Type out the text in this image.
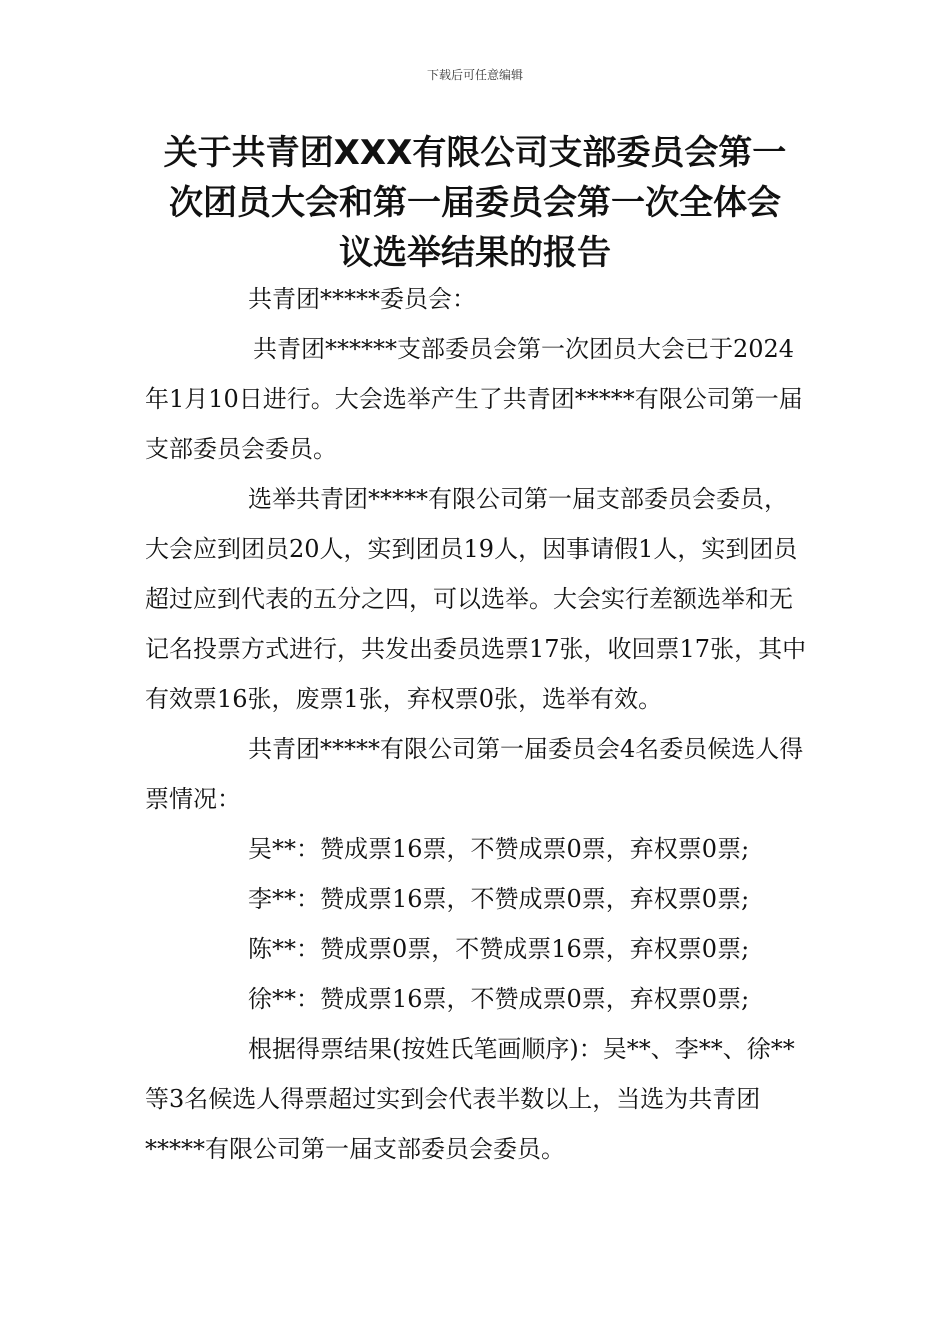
下载后可任意编辑
关于共青团XXX有限公司支部委员会第一
次团员大会和第一届委员会第一次全体会
议选举结果的报告

共青团*****委员会：

共青团******支部委员会第一次团员大会已于2024年1月10日进行。大会选举产生了共青团*****有限公司第一届支部委员会委员。

选举共青团*****有限公司第一届支部委员会委员，大会应到团员20人，实到团员19人，因事请假1人，实到团员超过应到代表的五分之四，可以选举。大会实行差额选举和无记名投票方式进行，共发出委员选票17张，收回票17张，其中有效票16张，废票1张，弃权票0张，选举有效。

共青团*****有限公司第一届委员会4名委员候选人得票情况：

吴**：赞成票16票，不赞成票0票，弃权票0票;

李**：赞成票16票，不赞成票0票，弃权票0票;

陈**：赞成票0票，不赞成票16票，弃权票0票;

徐**：赞成票16票，不赞成票0票，弃权票0票;

根据得票结果(按姓氏笔画顺序)：吴**、李**、徐**等3名候选人得票超过实到会代表半数以上，当选为共青团*****有限公司第一届支部委员会委员。
